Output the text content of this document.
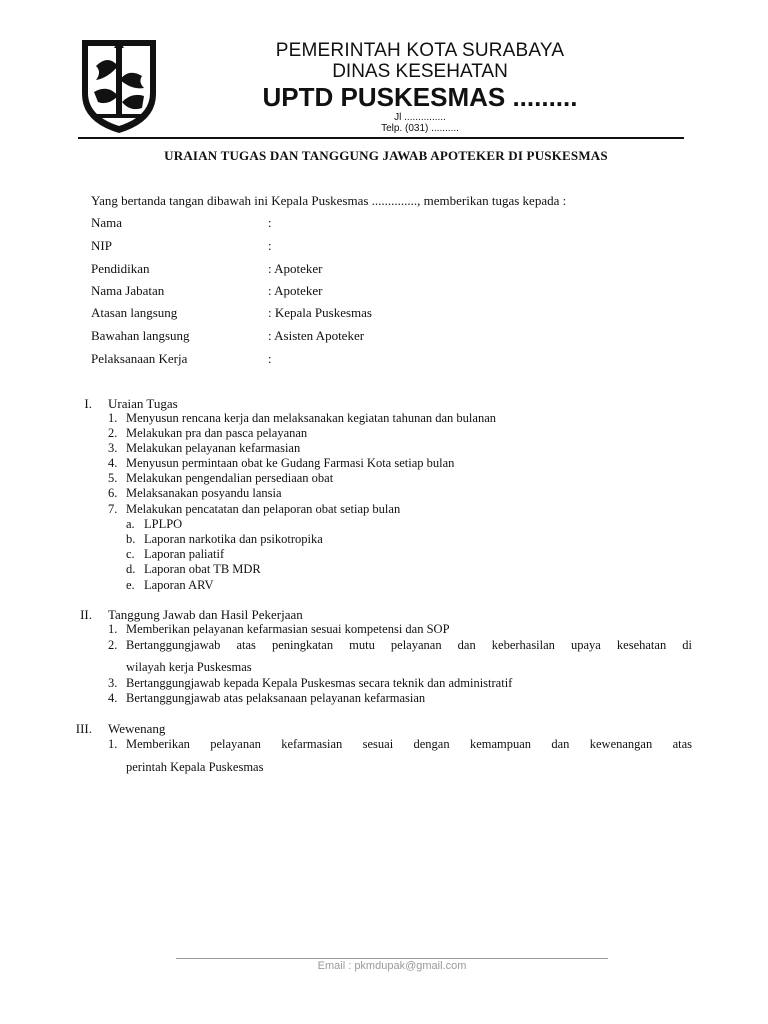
PEMERINTAH KOTA SURABAYA
DINAS KESEHATAN
UPTD PUSKESMAS .........
Jl ...............
Telp. (031) ..........
URAIAN TUGAS DAN TANGGUNG JAWAB APOTEKER DI PUSKESMAS
Yang bertanda tangan dibawah ini Kepala Puskesmas .............., memberikan tugas kepada :
Nama	:
NIP	:
Pendidikan	: Apoteker
Nama Jabatan	: Apoteker
Atasan langsung	: Kepala Puskesmas
Bawahan langsung	: Asisten Apoteker
Pelaksanaan Kerja	:
I. Uraian Tugas
1. Menyusun rencana kerja dan melaksanakan kegiatan tahunan dan bulanan
2. Melakukan pra dan pasca pelayanan
3. Melakukan pelayanan kefarmasian
4. Menyusun permintaan obat ke Gudang Farmasi Kota setiap bulan
5. Melakukan pengendalian persediaan obat
6. Melaksanakan posyandu lansia
7. Melakukan pencatatan dan pelaporan obat setiap bulan
a. LPLPO
b. Laporan narkotika dan psikotropika
c. Laporan paliatif
d. Laporan obat TB MDR
e. Laporan ARV
II. Tanggung Jawab dan Hasil Pekerjaan
1. Memberikan pelayanan kefarmasian sesuai kompetensi dan SOP
2. Bertanggungjawab atas peningkatan mutu pelayanan dan keberhasilan upaya kesehatan di
wilayah kerja Puskesmas
3. Bertanggungjawab kepada Kepala Puskesmas secara teknik dan administratif
4. Bertanggungjawab atas pelaksanaan pelayanan kefarmasian
III. Wewenang
1. Memberikan pelayanan kefarmasian sesuai dengan kemampuan dan kewenangan atas
perintah Kepala Puskesmas
Email : pkmdupak@gmail.com
